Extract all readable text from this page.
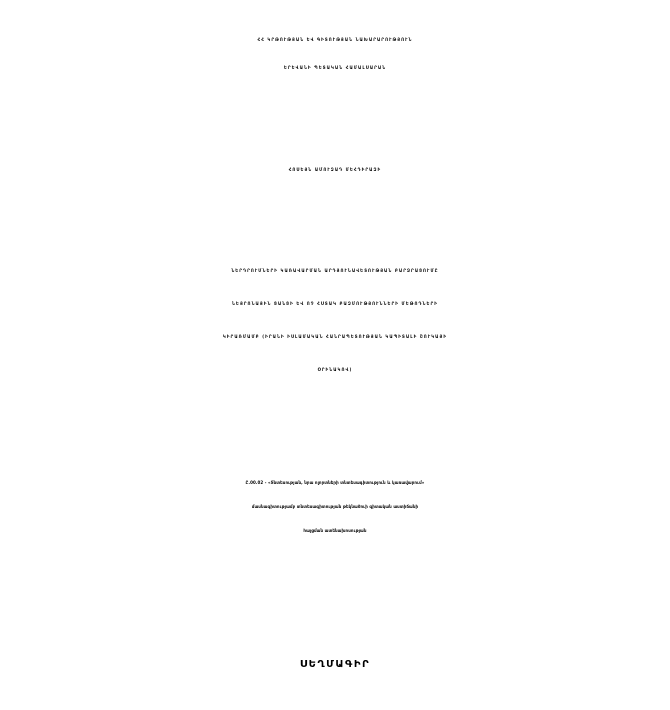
ՀՀ ԿՐԹՈՒԹՅԱՆ ԵՎ ԳԻՏՈՒԹՅԱՆ ՆԱԽԱՐԱՐՈՒԹՅՈՒՆ
ԵՐԵՎԱՆԻ ՊԵՏԱԿԱՆ ՀԱՄԱԼՍԱՐԱՆ
ՀՈՍԵՅՆ ԱՄՈՒԶԱԴ ՄԵՀԴԻՐԱԶԻ
ՆԵՐԴՐՈՒՄՆԵՐԻ ԿԱՌԱՎԱՐՄԱՆ ԱՐԴՅՈՒՆԱՎԵՏՈՒԹՅԱՆ ԲԱՐՁՐԱՑՈՒՄԸ
ՆԵՅՐՈՆԱՅԻՆ ՑԱՆՑԻ ԵՎ ՈՉ ՀՍՏԱԿ ԲԱԶՄՈՒԹՅՈՒՆՆԵՐԻ ՄԵԹՈԴՆԵՐԻ
ԿԻՐԱՌՄԱՄԲ (ԻՐԱՆԻ ԻՍԼԱՄԱԿԱՆ ՀԱՆՐԱՊԵՏՈՒԹՅԱՆ ԿԱՊԻՏԱԼԻ ՇՈՒԿԱՅԻ
ՕՐԻՆԱԿՈՎ)
Ը.00.02 - «Տնտեսության, նրա ոլորտների տնտեսագիտություն և կառավարում»
մասնագիտությամբ տնտեսագիտության թեկնածուի գիտական աստիճանի
հայցման ատենախոսության
ՍԵՂՄԱԳԻՐ
